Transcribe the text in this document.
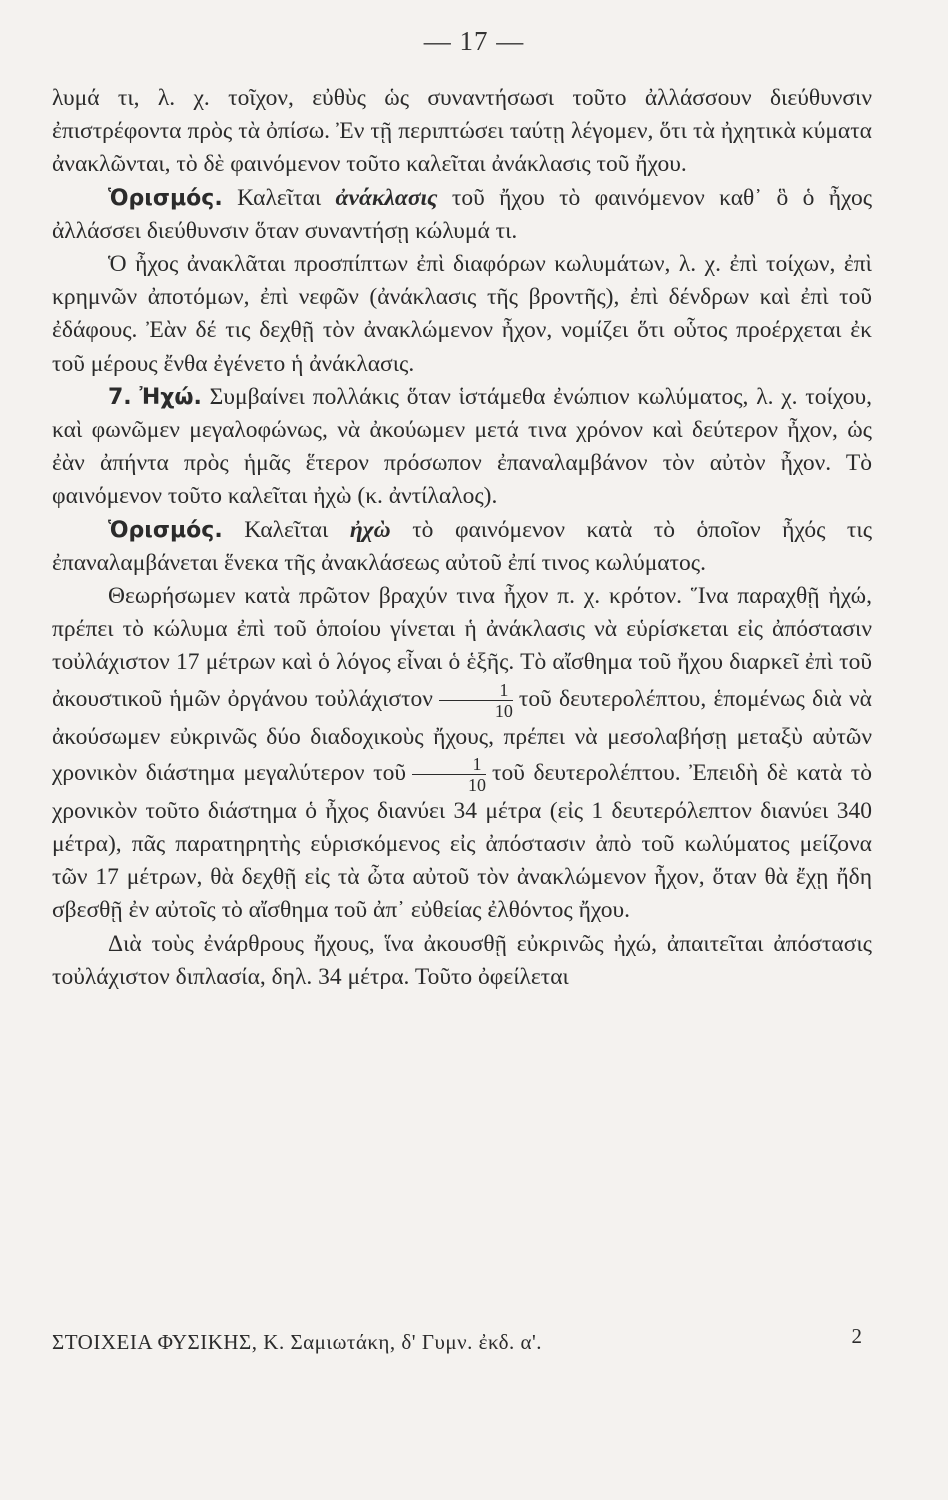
— 17 —

λυμά τι, λ. χ. τοῖχον, εὐθὺς ὡς συναντήσωσι τοῦτο ἀλλάσσουν διεύθυνσιν ἐπιστρέφοντα πρὸς τὰ ὀπίσω. Ἐν τῇ περιπτώσει ταύτῃ λέγομεν, ὅτι τὰ ἠχητικὰ κύματα ἀνακλῶνται, τὸ δὲ φαινόμενον τοῦτο καλεῖται ἀνάκλασις τοῦ ἤχου.

Ὁρισμός. Καλεῖται ἀνάκλασις τοῦ ἤχου τὸ φαινόμενον καθ᾽ ὃ ὁ ἦχος ἀλλάσσει διεύθυνσιν ὅταν συναντήσῃ κώλυμά τι.

Ὁ ἦχος ἀνακλᾶται προσπίπτων ἐπὶ διαφόρων κωλυμάτων, λ. χ. ἐπὶ τοίχων, ἐπὶ κρημνῶν ἀποτόμων, ἐπὶ νεφῶν (ἀνάκλασις τῆς βροντῆς), ἐπὶ δένδρων καὶ ἐπὶ τοῦ ἐδάφους. Ἐὰν δέ τις δεχθῇ τὸν ἀνακλώμενον ἦχον, νομίζει ὅτι οὗτος προέρχεται ἐκ τοῦ μέρους ἔνθα ἐγένετο ἡ ἀνάκλασις.

7. Ἠχώ. Συμβαίνει πολλάκις ὅταν ἱστάμεθα ἐνώπιον κωλύματος, λ. χ. τοίχου, καὶ φωνῶμεν μεγαλοφώνως, νὰ ἀκούωμεν μετά τινα χρόνον καὶ δεύτερον ἦχον, ὡς ἐὰν ἀπήντα πρὸς ἡμᾶς ἕτερον πρόσωπον ἐπαναλαμβάνον τὸν αὐτὸν ἦχον. Τὸ φαινόμενον τοῦτο καλεῖται ἠχὼ (κ. ἀντίλαλος).

Ὁρισμός. Καλεῖται ἠχὼ τὸ φαινόμενον κατὰ τὸ ὁποῖον ἦχός τις ἐπαναλαμβάνεται ἕνεκα τῆς ἀνακλάσεως αὐτοῦ ἐπί τινος κωλύματος.

Θεωρήσωμεν κατὰ πρῶτον βραχύν τινα ἦχον π. χ. κρότον. Ἵνα παραχθῇ ἠχώ, πρέπει τὸ κώλυμα ἐπὶ τοῦ ὁποίου γίνεται ἡ ἀνάκλασις νὰ εὑρίσκεται εἰς ἀπόστασιν τοὐλάχιστον 17 μέτρων καὶ ὁ λόγος εἶναι ὁ ἑξῆς. Τὸ αἴσθημα τοῦ ἤχου διαρκεῖ ἐπὶ τοῦ ἀκουστικοῦ ἡμῶν ὀργάνου τοὐλάχιστον $\frac{1}{10}$ τοῦ δευτερολέπτου, ἑπομένως διὰ νὰ ἀκούσωμεν εὐκρινῶς δύο διαδοχικοὺς ἤχους, πρέπει νὰ μεσολαβήσῃ μεταξὺ αὐτῶν χρονικὸν διάστημα μεγαλύτερον τοῦ $\frac{1}{10}$ τοῦ δευτερολέπτου. Ἐπειδὴ δὲ κατὰ τὸ χρονικὸν τοῦτο διάστημα ὁ ἦχος διανύει 34 μέτρα (εἰς 1 δευτερόλεπτον διανύει 340 μέτρα), πᾶς παρατηρητὴς εὑρισκόμενος εἰς ἀπόστασιν ἀπὸ τοῦ κωλύματος μείζονα τῶν 17 μέτρων, θὰ δεχθῇ εἰς τὰ ὦτα αὐτοῦ τὸν ἀνακλώμενον ἦχον, ὅταν θὰ ἔχῃ ἤδη σβεσθῇ ἐν αὐτοῖς τὸ αἴσθημα τοῦ ἀπ᾽ εὐθείας ἐλθόντος ἤχου.

Διὰ τοὺς ἐνάρθρους ἤχους, ἵνα ἀκουσθῇ εὐκρινῶς ἠχώ, ἀπαιτεῖται ἀπόστασις τοὐλάχιστον διπλασία, δηλ. 34 μέτρα. Τοῦτο ὀφείλεται

ΣΤΟΙΧΕΙΑ ΦΥΣΙΚΗΣ, Κ. Σαμιωτάκη, δ' Γυμν. ἐκδ. α'.	2
